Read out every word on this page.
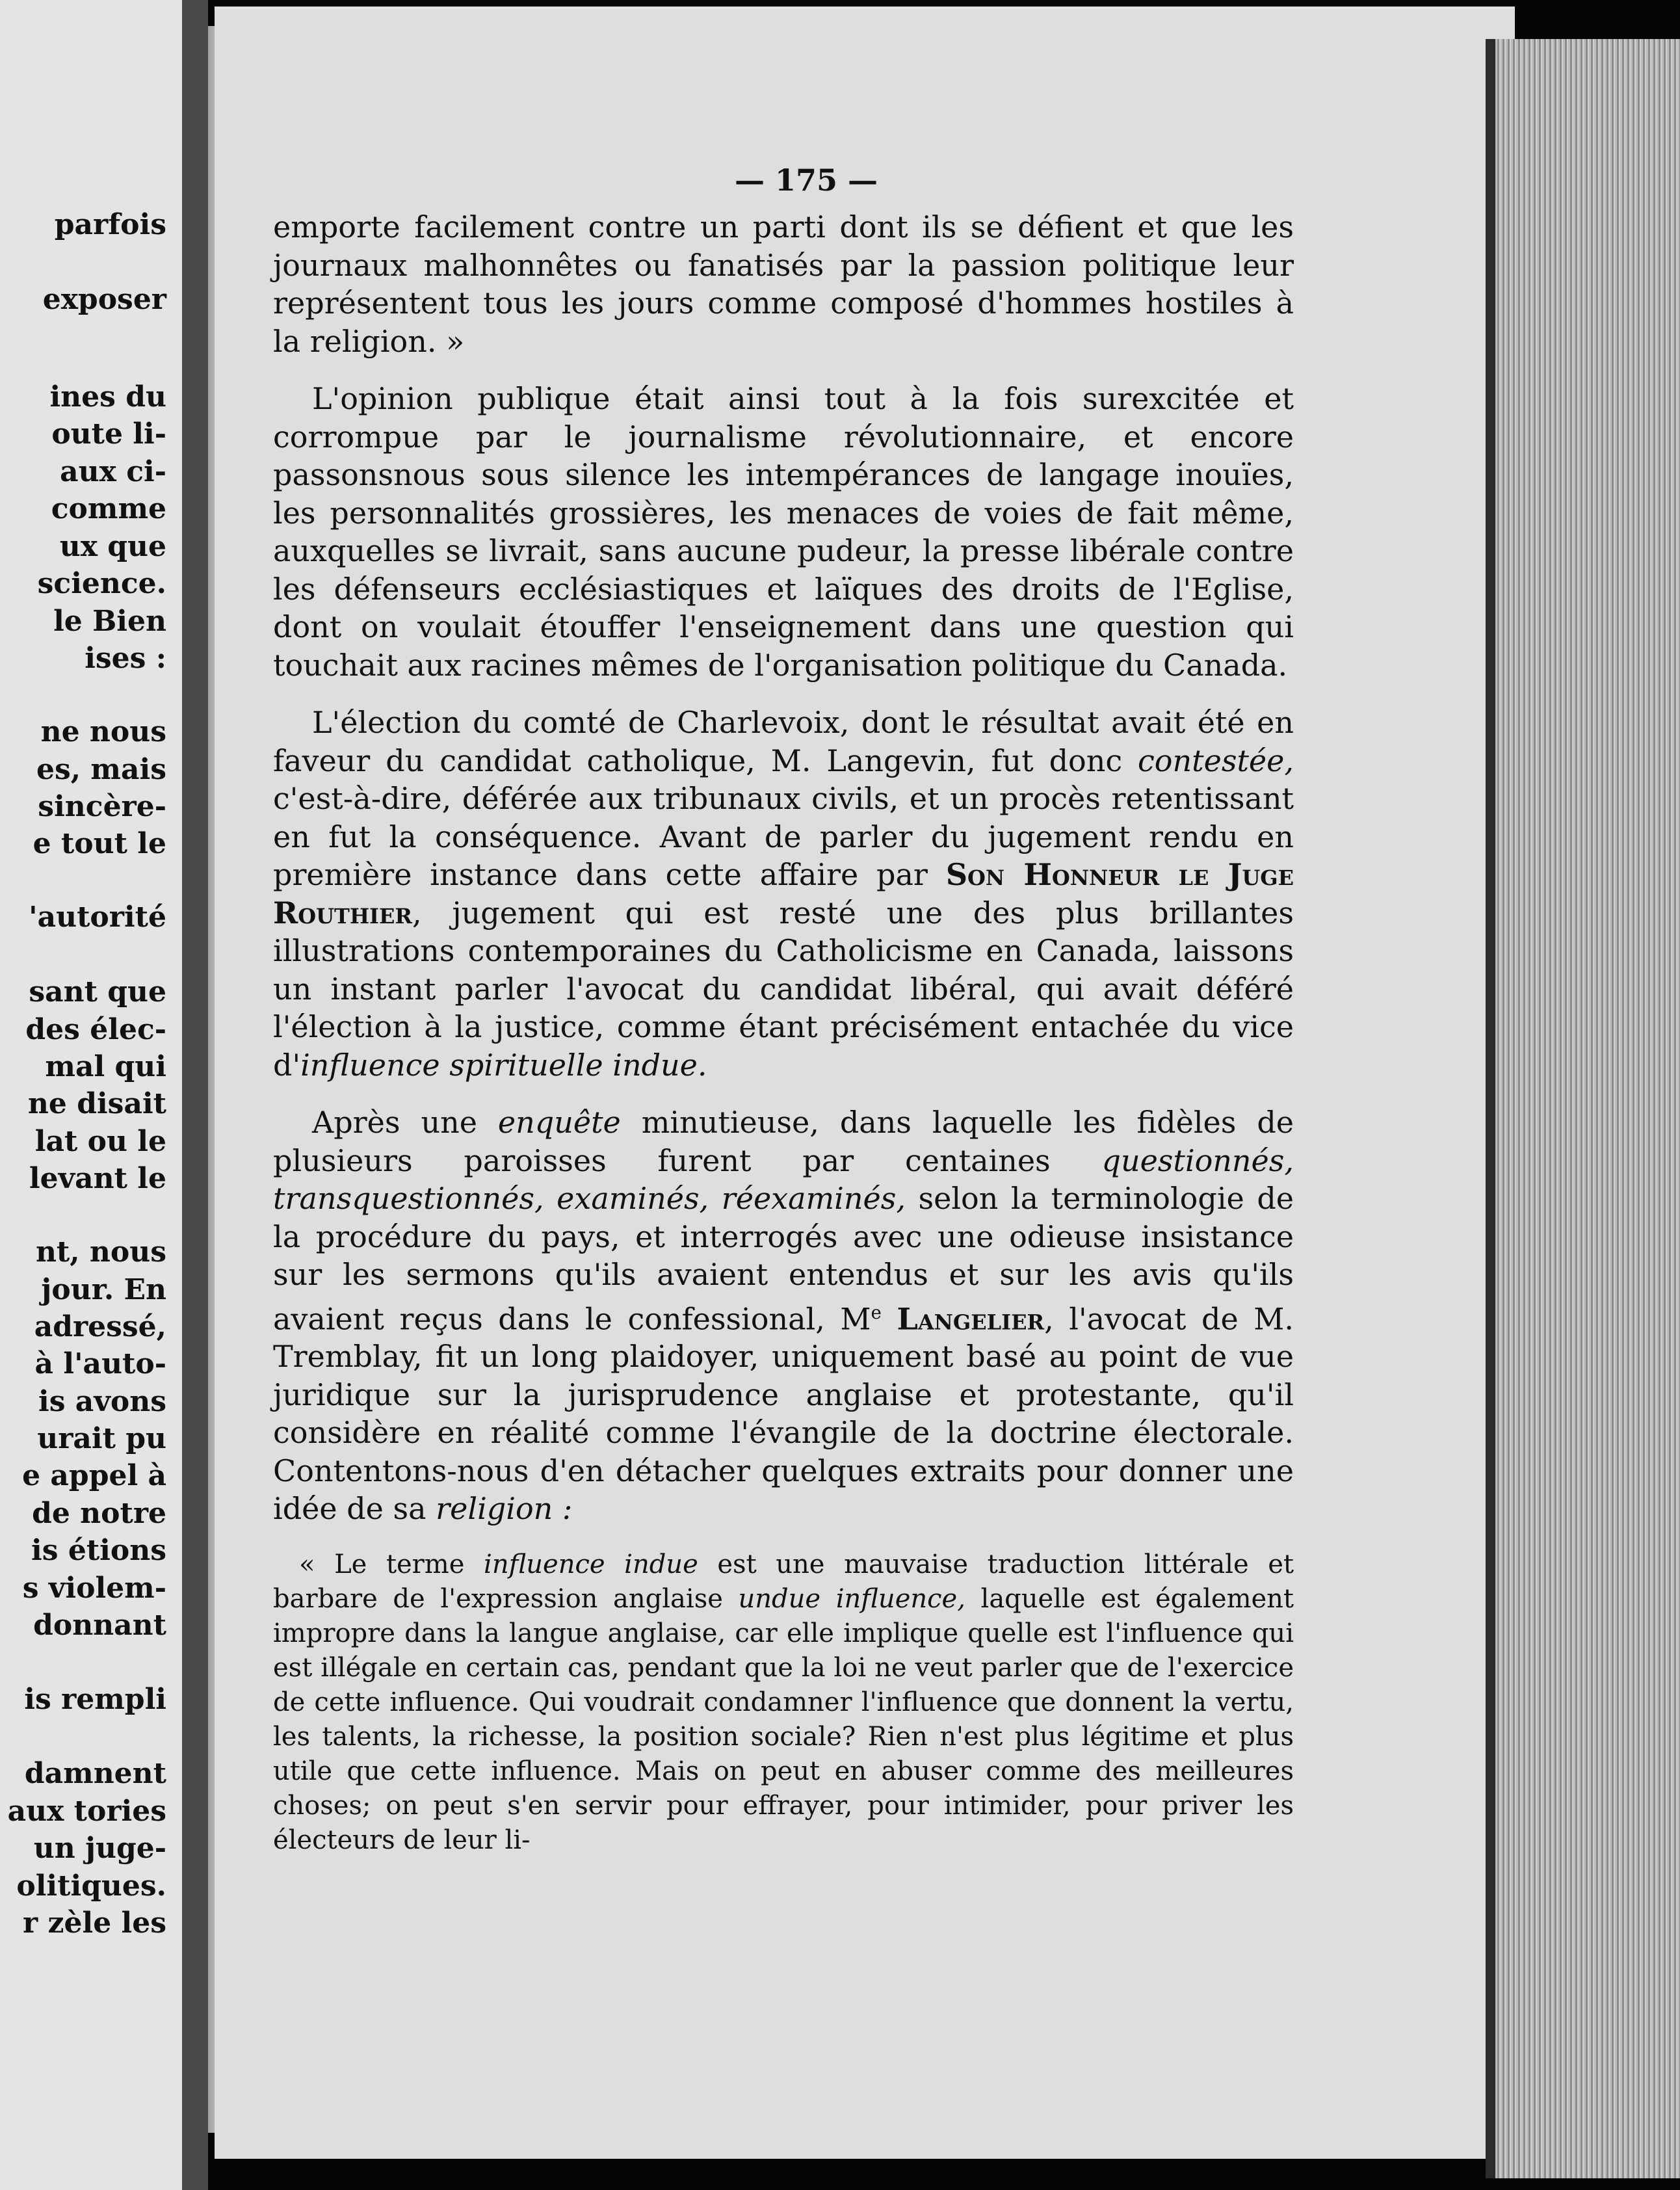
parfois
exposer
ines du
oute li-
aux ci-
comme
ux que
science.
le Bien
ises :
ne nous
es, mais
sincère-
e tout le
'autorité
sant que
des élec-
mal qui
ne disait
lat ou le
levant le
nt, nous
jour. En
adressé,
à l'auto-
is avons
urait pu
e appel à
de notre
is étions
s violem-
donnant
is rempli
damnent
aux tories
un juge-
olitiques.
r zèle les
— 175 —

emporte facilement contre un parti dont ils se défient et que les journaux malhonnêtes ou fanatisés par la passion politique leur représentent tous les jours comme composé d'hommes hostiles à la religion. »

L'opinion publique était ainsi tout à la fois surexcitée et corrompue par le journalisme révolutionnaire, et encore passonsnous sous silence les intempérances de langage inouïes, les personnalités grossières, les menaces de voies de fait même, auxquelles se livrait, sans aucune pudeur, la presse libérale contre les défenseurs ecclésiastiques et laïques des droits de l'Eglise, dont on voulait étouffer l'enseignement dans une question qui touchait aux racines mêmes de l'organisation politique du Canada.

L'élection du comté de Charlevoix, dont le résultat avait été en faveur du candidat catholique, M. Langevin, fut donc contestée, c'est-à-dire, déférée aux tribunaux civils, et un procès retentissant en fut la conséquence. Avant de parler du jugement rendu en première instance dans cette affaire par Son Honneur le Juge Routhier, jugement qui est resté une des plus brillantes illustrations contemporaines du Catholicisme en Canada, laissons un instant parler l'avocat du candidat libéral, qui avait déféré l'élection à la justice, comme étant précisément entachée du vice d'influence spirituelle indue.

Après une enquête minutieuse, dans laquelle les fidèles de plusieurs paroisses furent par centaines questionnés, transquestionnés, examinés, réexaminés, selon la terminologie de la procédure du pays, et interrogés avec une odieuse insistance sur les sermons qu'ils avaient entendus et sur les avis qu'ils avaient reçus dans le confessional, Me Langelier, l'avocat de M. Tremblay, fit un long plaidoyer, uniquement basé au point de vue juridique sur la jurisprudence anglaise et protestante, qu'il considère en réalité comme l'évangile de la doctrine électorale. Contentons-nous d'en détacher quelques extraits pour donner une idée de sa religion :

« Le terme influence indue est une mauvaise traduction littérale et barbare de l'expression anglaise undue influence, laquelle est également impropre dans la langue anglaise, car elle implique quelle est l'influence qui est illégale en certain cas, pendant que la loi ne veut parler que de l'exercice de cette influence. Qui voudrait condamner l'influence que donnent la vertu, les talents, la richesse, la position sociale? Rien n'est plus légitime et plus utile que cette influence. Mais on peut en abuser comme des meilleures choses; on peut s'en servir pour effrayer, pour intimider, pour priver les électeurs de leur li-
